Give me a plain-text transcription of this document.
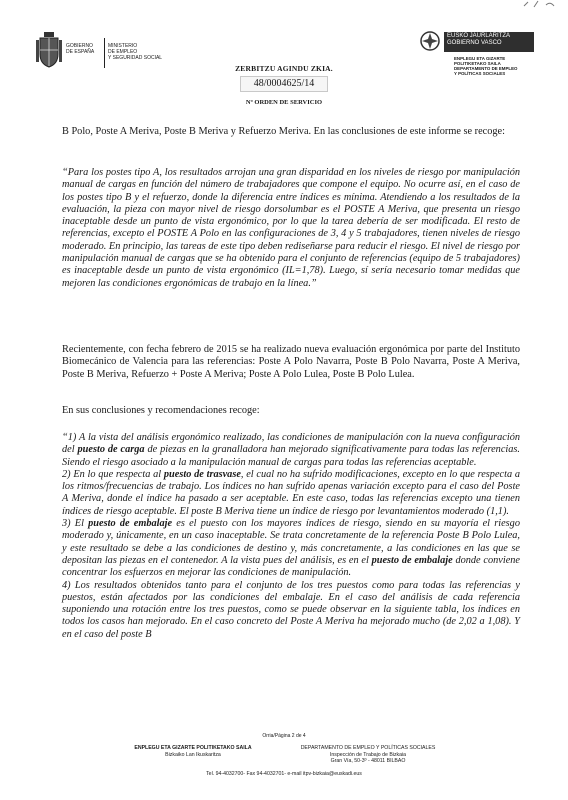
GOBIERNO
DE ESPAÑA
MINISTERIO
DE EMPLEO
Y SEGURIDAD SOCIAL
EUSKO JAURLARITZA
GOBIERNO VASCO
ENPLEGU ETA GIZARTE
POLITIKETAKO SAILA
DEPARTAMENTO DE EMPLEO
Y POLÍTICAS SOCIALES
ZERBITZU AGINDU ZKIA.
48/0004625/14
Nº ORDEN DE SERVICIO

B Polo, Poste A Meriva, Poste B Meriva y Refuerzo Meriva. En las conclusiones de este informe se recoge:

“Para los postes tipo A, los resultados arrojan una gran disparidad en los niveles de riesgo por manipulación manual de cargas en función del número de trabajadores que compone el equipo. No ocurre así, en el caso de los postes tipo B y el refuerzo, donde la diferencia entre índices es mínima. Atendiendo a los resultados de la evaluación, la pieza con mayor nivel de riesgo dorsolumbar es el POSTE A Meriva, que presenta un riesgo inaceptable desde un punto de vista ergonómico, por lo que la tarea debería de ser modificada. El resto de referencias, excepto el POSTE A Polo en las configuraciones de 3, 4 y 5 trabajadores, tienen niveles de riesgo moderado. En principio, las tareas de este tipo deben rediseñarse para reducir el riesgo. El nivel de riesgo por manipulación manual de cargas que se ha obtenido para el conjunto de referencias (equipo de 5 trabajadores) es inaceptable desde un punto de vista ergonómico (IL=1,78). Luego, sí sería necesario tomar medidas que mejoren las condiciones ergonómicas de trabajo en la línea.”

Recientemente, con fecha febrero de 2015 se ha realizado nueva evaluación ergonómica por parte del Instituto Biomecánico de Valencia para las referencias: Poste A Polo Navarra, Poste B Polo Navarra, Poste A Meriva, Poste B Meriva, Refuerzo + Poste A Meriva; Poste A Polo Lulea, Poste B Polo Lulea.

En sus conclusiones y recomendaciones recoge:

“1) A la vista del análisis ergonómico realizado, las condiciones de manipulación con la nueva configuración del puesto de carga de piezas en la granalladora han mejorado significativamente para todas las referencias. Siendo el riesgo asociado a la manipulación manual de cargas para todas las referencias aceptable.

2) En lo que respecta al puesto de trasvase, el cual no ha sufrido modificaciones, excepto en lo que respecta a los ritmos/frecuencias de trabajo. Los índices no han sufrido apenas variación excepto para el caso del Poste A Meriva, donde el índice ha pasado a ser aceptable. En este caso, todas las referencias excepto una tienen índices de riesgo aceptable. El poste B Meriva tiene un índice de riesgo por levantamientos moderado (1,1).

3) El puesto de embalaje es el puesto con los mayores índices de riesgo, siendo en su mayoría el riesgo moderado y, únicamente, en un caso inaceptable. Se trata concretamente de la referencia Poste B Polo Lulea, y este resultado se debe a las condiciones de destino y, más concretamente, a las condiciones en las que se depositan las piezas en el contenedor. A la vista pues del análisis, es en el puesto de embalaje donde conviene concentrar los esfuerzos en mejorar las condiciones de manipulación.

4) Los resultados obtenidos tanto para el conjunto de los tres puestos como para todas las referencias y puestos, están afectados por las condiciones del embalaje. En el caso del análisis de cada referencia suponiendo una rotación entre los tres puestos, como se puede observar en la siguiente tabla, los índices en todos los casos han mejorado. En el caso concreto del Poste A Meriva ha mejorado mucho (de 2,02 a 1,08). Y en el caso del poste B

Orria/Página 2 de 4
ENPLEGU ETA GIZARTE POLITIKETAKO SAILA
Bizkaiko Lan Ikuskaritza
DEPARTAMENTO DE EMPLEO Y POLÍTICAS SOCIALES
Inspección de Trabajo de Bizkaia
Gran Vía, 50-3º - 48011 BILBAO
Tel. 94-4032700- Fax 94-4032701- e-mail itpv-bizkaia@euskadi.eus
